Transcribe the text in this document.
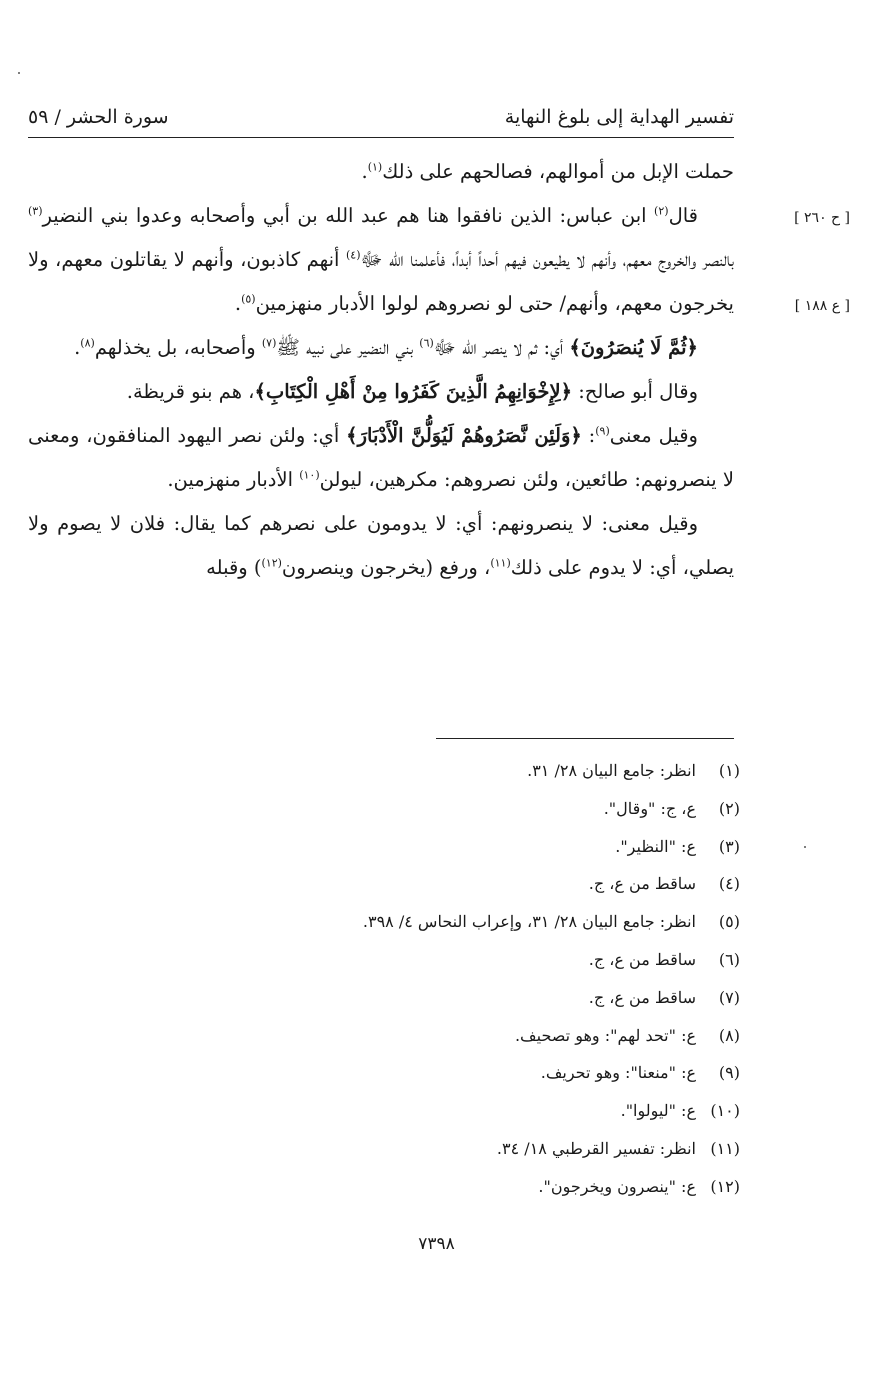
تفسير الهداية إلى بلوغ النهاية
سورة الحشر / ٥٩
[ ح ٢٦٠ ]
[ ع ١٨٨ ]

حملت الإبل من أموالهم، فصالحهم على ذلك$^{(١)}$.

قال$^{(٢)}$ ابن عباس: الذين نافقوا هنا هم عبد الله بن أبي وأصحابه وعدوا بني النضير$^{(٣)}$ بالنصر والخروج معهم، وأنهم لا يطيعون فيهم أحداً أبداً، فأعلمنا الله ﷻ$^{(٤)}$ أنهم كاذبون، وأنهم لا يقاتلون معهم، ولا يخرجون معهم، وأنهم/ حتى لو نصروهم لولوا الأدبار منهزمين$^{(٥)}$.

﴿ثُمَّ لَا يُنصَرُونَ﴾ أي: ثم لا ينصر الله ﷻ$^{(٦)}$ بني النضير على نبيه ﷺ$^{(٧)}$ وأصحابه، بل يخذلهم$^{(٨)}$.

وقال أبو صالح: ﴿لِإِخْوَانِهِمُ الَّذِينَ كَفَرُوا مِنْ أَهْلِ الْكِتَابِ﴾، هم بنو قريظة.

وقيل معنى$^{(٩)}$: ﴿وَلَئِن نَّصَرُوهُمْ لَيُوَلُّنَّ الْأَدْبَارَ﴾ أي: ولئن نصر اليهود المنافقون، ومعنى لا ينصرونهم: طائعين، ولئن نصروهم: مكرهين، ليولن$^{(١٠)}$ الأدبار منهزمين.

وقيل معنى: لا ينصرونهم: أي: لا يدومون على نصرهم كما يقال: فلان لا يصوم ولا يصلي، أي: لا يدوم على ذلك$^{(١١)}$، ورفع (يخرجون وينصرون$^{(١٢)}$) وقبله

(١)
انظر: جامع البيان ٢٨/ ٣١.
(٢)
ع، ج: "وقال".
(٣)
ع: "النظير".
(٤)
ساقط من ع، ج.
(٥)
انظر: جامع البيان ٢٨/ ٣١، وإعراب النحاس ٤/ ٣٩٨.
(٦)
ساقط من ع، ج.
(٧)
ساقط من ع، ج.
(٨)
ع: "تحد لهم": وهو تصحيف.
(٩)
ع: "منعنا": وهو تحريف.
(١٠)
ع: "ليولوا".
(١١)
انظر: تفسير القرطبي ١٨/ ٣٤.
(١٢)
ع: "ينصرون ويخرجون".
٧٣٩٨
